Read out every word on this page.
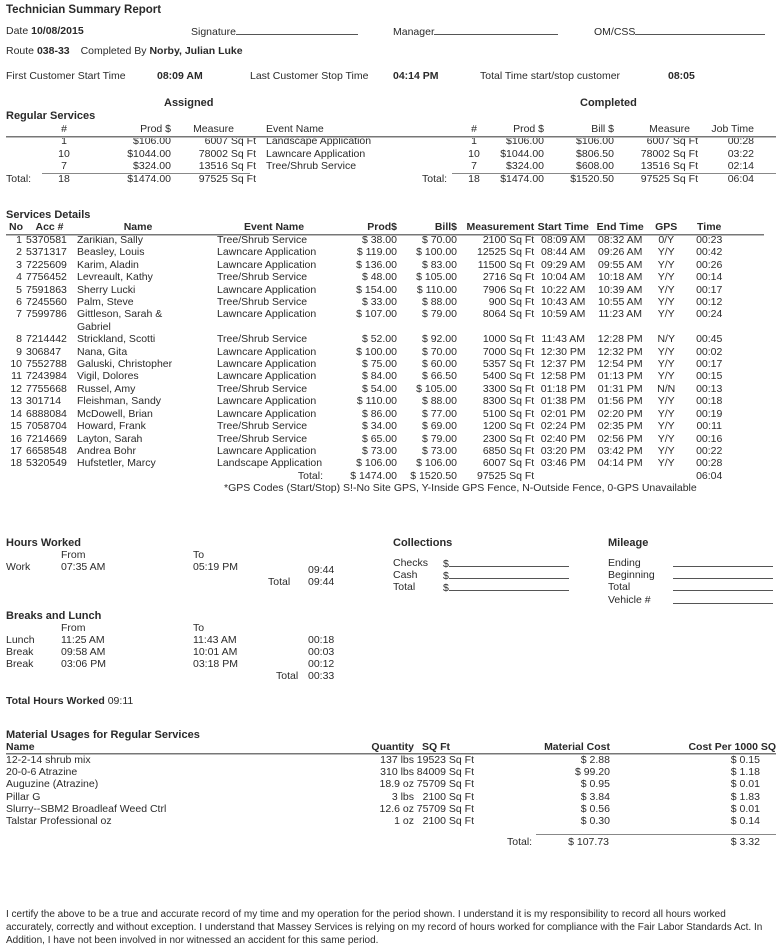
Technician Summary Report
Date 10/08/2015	Signature	Manager	OM/CSS
Route 038-33 Completed By Norby, Julian Luke
First Customer Start Time	08:09 AM	Last Customer Stop Time 04:14 PM	Total Time start/stop customer	08:05
Assigned	Completed
Regular Services
	#	Prod $	Measure	Event Name
	1	$106.00	6007 Sq Ft	Landscape Application
	10	$1044.00	78002 Sq Ft	Lawncare Application
	7	$324.00	13516 Sq Ft	Tree/Shrub Service
Total:	18	$1474.00	97525 Sq Ft	
	#	Prod $	Bill $	Measure	Job Time
	1	$106.00	$106.00	6007 Sq Ft	00:28
	10	$1044.00	$806.50	78002 Sq Ft	03:22
	7	$324.00	$608.00	13516 Sq Ft	02:14
Total:	18	$1474.00	$1520.50	97525 Sq Ft	06:04
Services Details
No	Acc #	Name	Event Name	Prod$	Bill$	Measurement	Start Time	End Time	GPS	Time
1	5370581	Zarikian, Sally	Tree/Shrub Service	$ 38.00	$ 70.00	2100 Sq Ft	08:09 AM	08:32 AM	0/Y	00:23
2	5371317	Beasley, Louis	Lawncare Application	$ 119.00	$ 100.00	12525 Sq Ft	08:44 AM	09:26 AM	Y/Y	00:42
3	7225609	Karim, Aladin	Lawncare Application	$ 136.00	$ 83.00	11500 Sq Ft	09:29 AM	09:55 AM	Y/Y	00:26
4	7756452	Levreault, Kathy	Tree/Shrub Service	$ 48.00	$ 105.00	2716 Sq Ft	10:04 AM	10:18 AM	Y/Y	00:14
5	7591863	Sherry Lucki	Lawncare Application	$ 154.00	$ 110.00	7906 Sq Ft	10:22 AM	10:39 AM	Y/Y	00:17
6	7245560	Palm, Steve	Tree/Shrub Service	$ 33.00	$ 88.00	900 Sq Ft	10:43 AM	10:55 AM	Y/Y	00:12
7	7599786	Gittleson, Sarah &
Gabriel	Lawncare Application	$ 107.00	$ 79.00	8064 Sq Ft	10:59 AM	11:23 AM	Y/Y	00:24
8	7214442	Strickland, Scotti	Tree/Shrub Service	$ 52.00	$ 92.00	1000 Sq Ft	11:43 AM	12:28 PM	N/Y	00:45
9	306847	Nana, Gita	Lawncare Application	$ 100.00	$ 70.00	7000 Sq Ft	12:30 PM	12:32 PM	Y/Y	00:02
10	7552788	Galuski, Christopher	Lawncare Application	$ 75.00	$ 60.00	5357 Sq Ft	12:37 PM	12:54 PM	Y/Y	00:17
11	7243984	Vigil, Dolores	Lawncare Application	$ 84.00	$ 66.50	5400 Sq Ft	12:58 PM	01:13 PM	Y/Y	00:15
12	7755668	Russel, Amy	Tree/Shrub Service	$ 54.00	$ 105.00	3300 Sq Ft	01:18 PM	01:31 PM	N/N	00:13
13	301714	Fleishman, Sandy	Lawncare Application	$ 110.00	$ 88.00	8300 Sq Ft	01:38 PM	01:56 PM	Y/Y	00:18
14	6888084	McDowell, Brian	Lawncare Application	$ 86.00	$ 77.00	5100 Sq Ft	02:01 PM	02:20 PM	Y/Y	00:19
15	7058704	Howard, Frank	Tree/Shrub Service	$ 34.00	$ 69.00	1200 Sq Ft	02:24 PM	02:35 PM	Y/Y	00:11
16	7214669	Layton, Sarah	Tree/Shrub Service	$ 65.00	$ 79.00	2300 Sq Ft	02:40 PM	02:56 PM	Y/Y	00:16
17	6658548	Andrea Bohr	Lawncare Application	$ 73.00	$ 73.00	6850 Sq Ft	03:20 PM	03:42 PM	Y/Y	00:22
18	5320549	Hufstetler, Marcy	Landscape Application	$ 106.00	$ 106.00	6007 Sq Ft	03:46 PM	04:14 PM	Y/Y	00:28
			Total:	$ 1474.00	$ 1520.50	97525 Sq Ft				06:04
*GPS Codes (Start/Stop) S!-No Site GPS, Y-Inside GPS Fence, N-Outside Fence, 0-GPS Unavailable										
Hours Worked
From	To
Work	07:35 AM	05:19 PM	09:44
Total 09:44
Breaks and Lunch
From	To
Lunch	11:25 AM	11:43 AM	00:18
Break	09:58 AM	10:01 AM	00:03
Break	03:06 PM	03:18 PM	00:12
Total 00:33
Total Hours Worked 09:11
Collections
Checks $
Cash $
Total	$
Mileage
Ending
Beginning
Total
Vehicle #
Material Usages for Regular Services
Name	Quantity	SQ Ft	Material Cost	Cost Per 1000 SQ
12-2-14 shrub mix	137 lbs	19523 Sq Ft	$ 2.88	$ 0.15
20-0-6 Atrazine	310 lbs	84009 Sq Ft	$ 99.20	$ 1.18
Auguzine (Atrazine)	18.9 oz	75709 Sq Ft	$ 0.95	$ 0.01
Pillar G	3 lbs	2100 Sq Ft	$ 3.84	$ 1.83
Slurry--SBM2 Broadleaf Weed Ctrl	12.6 oz	75709 Sq Ft	$ 0.56	$ 0.01
Talstar Professional oz	1 oz	2100 Sq Ft	$ 0.30	$ 0.14
Total:	$ 107.73	$ 3.32
I certify the above to be a true and accurate record of my time and my operation for the period shown. I understand it is my responsibility to record all hours worked accurately, correctly and without exception. I understand that Massey Services is relying on my record of hours worked for compliance with the Fair Labor Standards Act. In Addition, I have not been involved in nor witnessed an accident for this same period.
